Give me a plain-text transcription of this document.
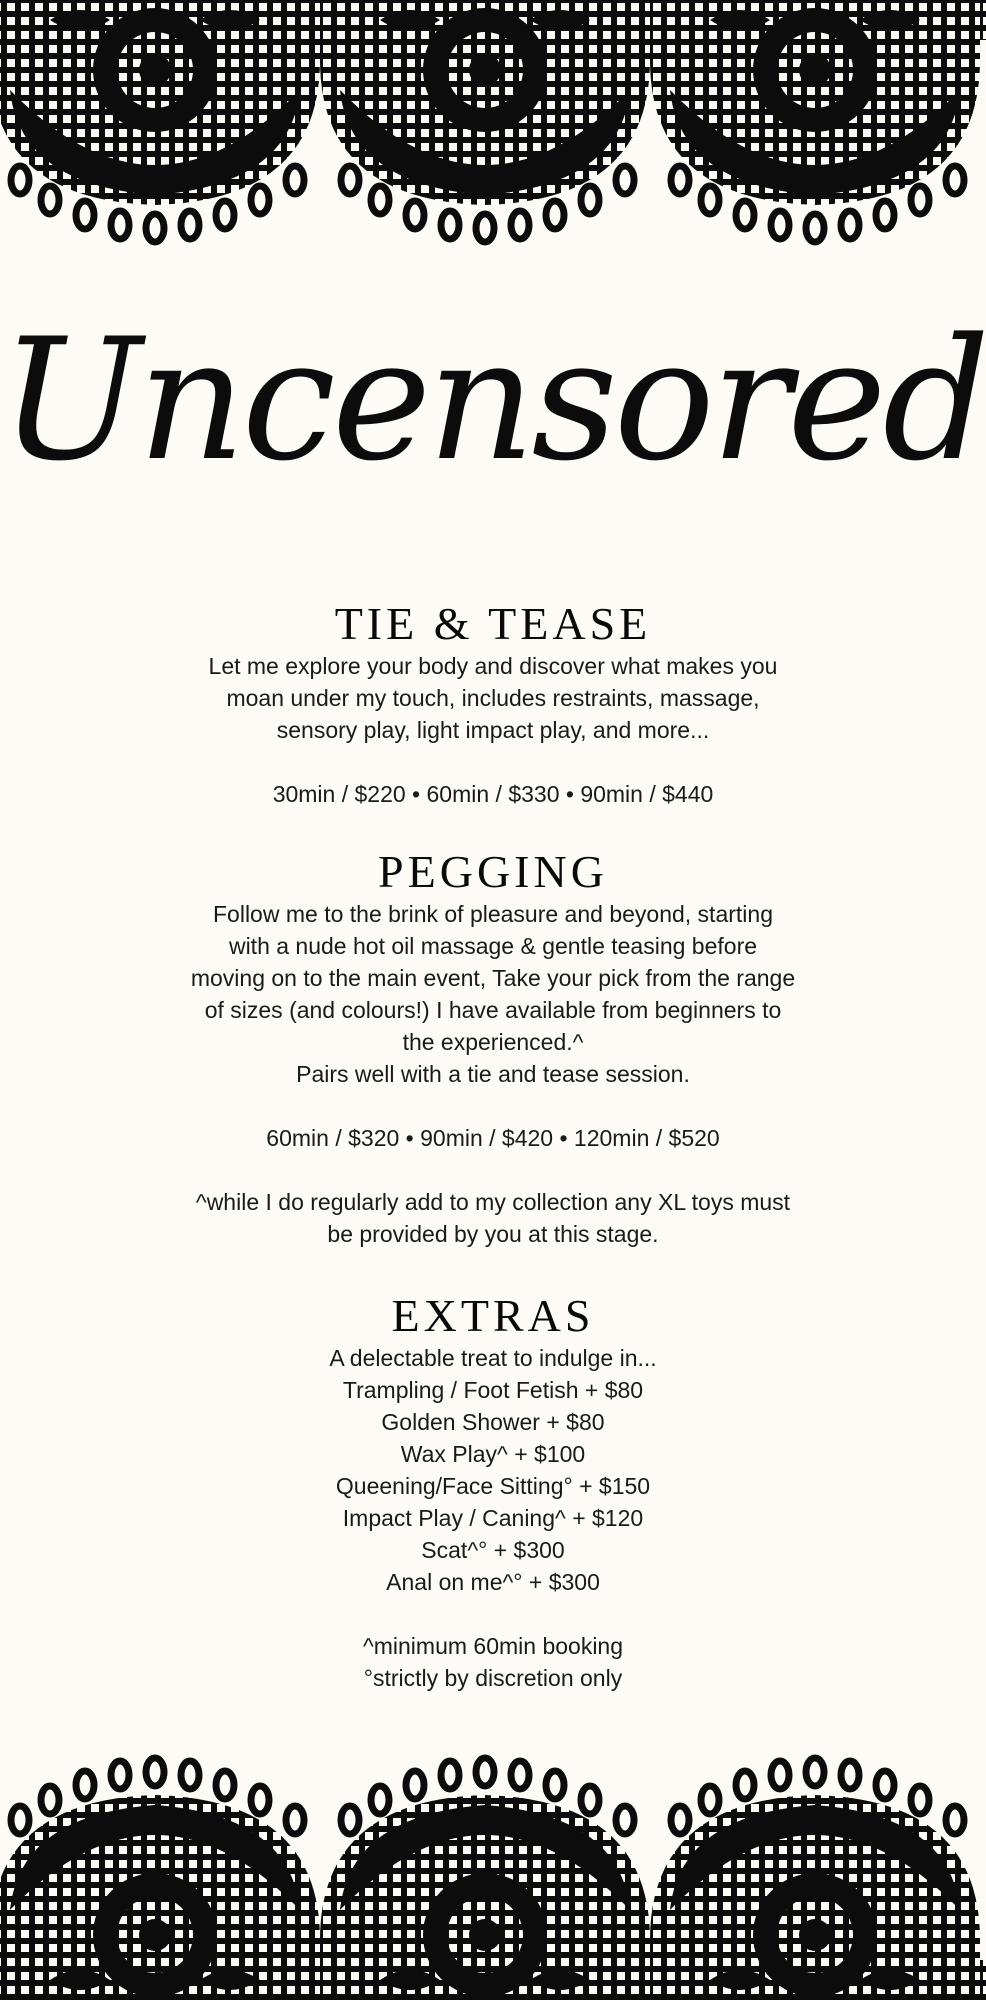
Uncensored
TIE & TEASE

Let me explore your body and discover what makes you
moan under my touch, includes restraints, massage,
sensory play, light impact play, and more...

30min / $220 • 60min / $330 • 90min / $440

PEGGING

Follow me to the brink of pleasure and beyond, starting
with a nude hot oil massage & gentle teasing before
moving on to the main event, Take your pick from the range
of sizes (and colours!) I have available from beginners to
the experienced.^
Pairs well with a tie and tease session.

60min / $320 • 90min / $420 • 120min / $520

^while I do regularly add to my collection any XL toys must
be provided by you at this stage.

EXTRAS

A delectable treat to indulge in...

Trampling / Foot Fetish + $80
Golden Shower + $80
Wax Play^ + $100
Queening/Face Sitting° + $150
Impact Play / Caning^ + $120
Scat^° + $300
Anal on me^° + $300
^minimum 60min booking
°strictly by discretion only
